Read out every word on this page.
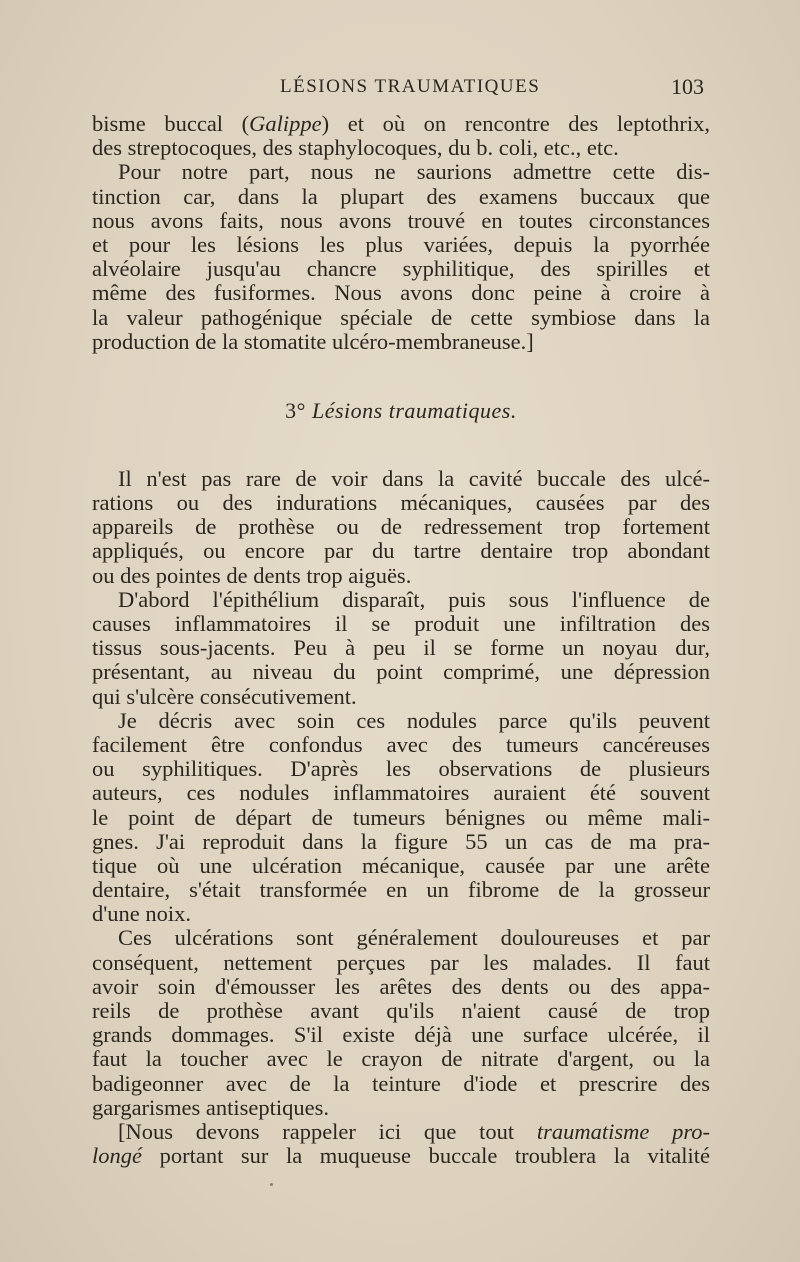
LÉSIONS TRAUMATIQUES	103
bisme buccal (Galippe) et où on rencontre des leptothrix,
des streptocoques, des staphylocoques, du b. coli, etc., etc.
Pour notre part, nous ne saurions admettre cette dis-
tinction car, dans la plupart des examens buccaux que
nous avons faits, nous avons trouvé en toutes circonstances
et pour les lésions les plus variées, depuis la pyorrhée
alvéolaire jusqu'au chancre syphilitique, des spirilles et
même des fusiformes. Nous avons donc peine à croire à
la valeur pathogénique spéciale de cette symbiose dans la
production de la stomatite ulcéro-membraneuse.]
3° Lésions traumatiques.
Il n'est pas rare de voir dans la cavité buccale des ulcé-
rations ou des indurations mécaniques, causées par des
appareils de prothèse ou de redressement trop fortement
appliqués, ou encore par du tartre dentaire trop abondant
ou des pointes de dents trop aiguës.
D'abord l'épithélium disparaît, puis sous l'influence de
causes inflammatoires il se produit une infiltration des
tissus sous-jacents. Peu à peu il se forme un noyau dur,
présentant, au niveau du point comprimé, une dépression
qui s'ulcère consécutivement.
Je décris avec soin ces nodules parce qu'ils peuvent
facilement être confondus avec des tumeurs cancéreuses
ou syphilitiques. D'après les observations de plusieurs
auteurs, ces nodules inflammatoires auraient été souvent
le point de départ de tumeurs bénignes ou même mali-
gnes. J'ai reproduit dans la figure 55 un cas de ma pra-
tique où une ulcération mécanique, causée par une arête
dentaire, s'était transformée en un fibrome de la grosseur
d'une noix.
Ces ulcérations sont généralement douloureuses et par
conséquent, nettement perçues par les malades. Il faut
avoir soin d'émousser les arêtes des dents ou des appa-
reils de prothèse avant qu'ils n'aient causé de trop
grands dommages. S'il existe déjà une surface ulcérée, il
faut la toucher avec le crayon de nitrate d'argent, ou la
badigeonner avec de la teinture d'iode et prescrire des
gargarismes antiseptiques.
[Nous devons rappeler ici que tout traumatisme pro-
longé portant sur la muqueuse buccale troublera la vitalité
